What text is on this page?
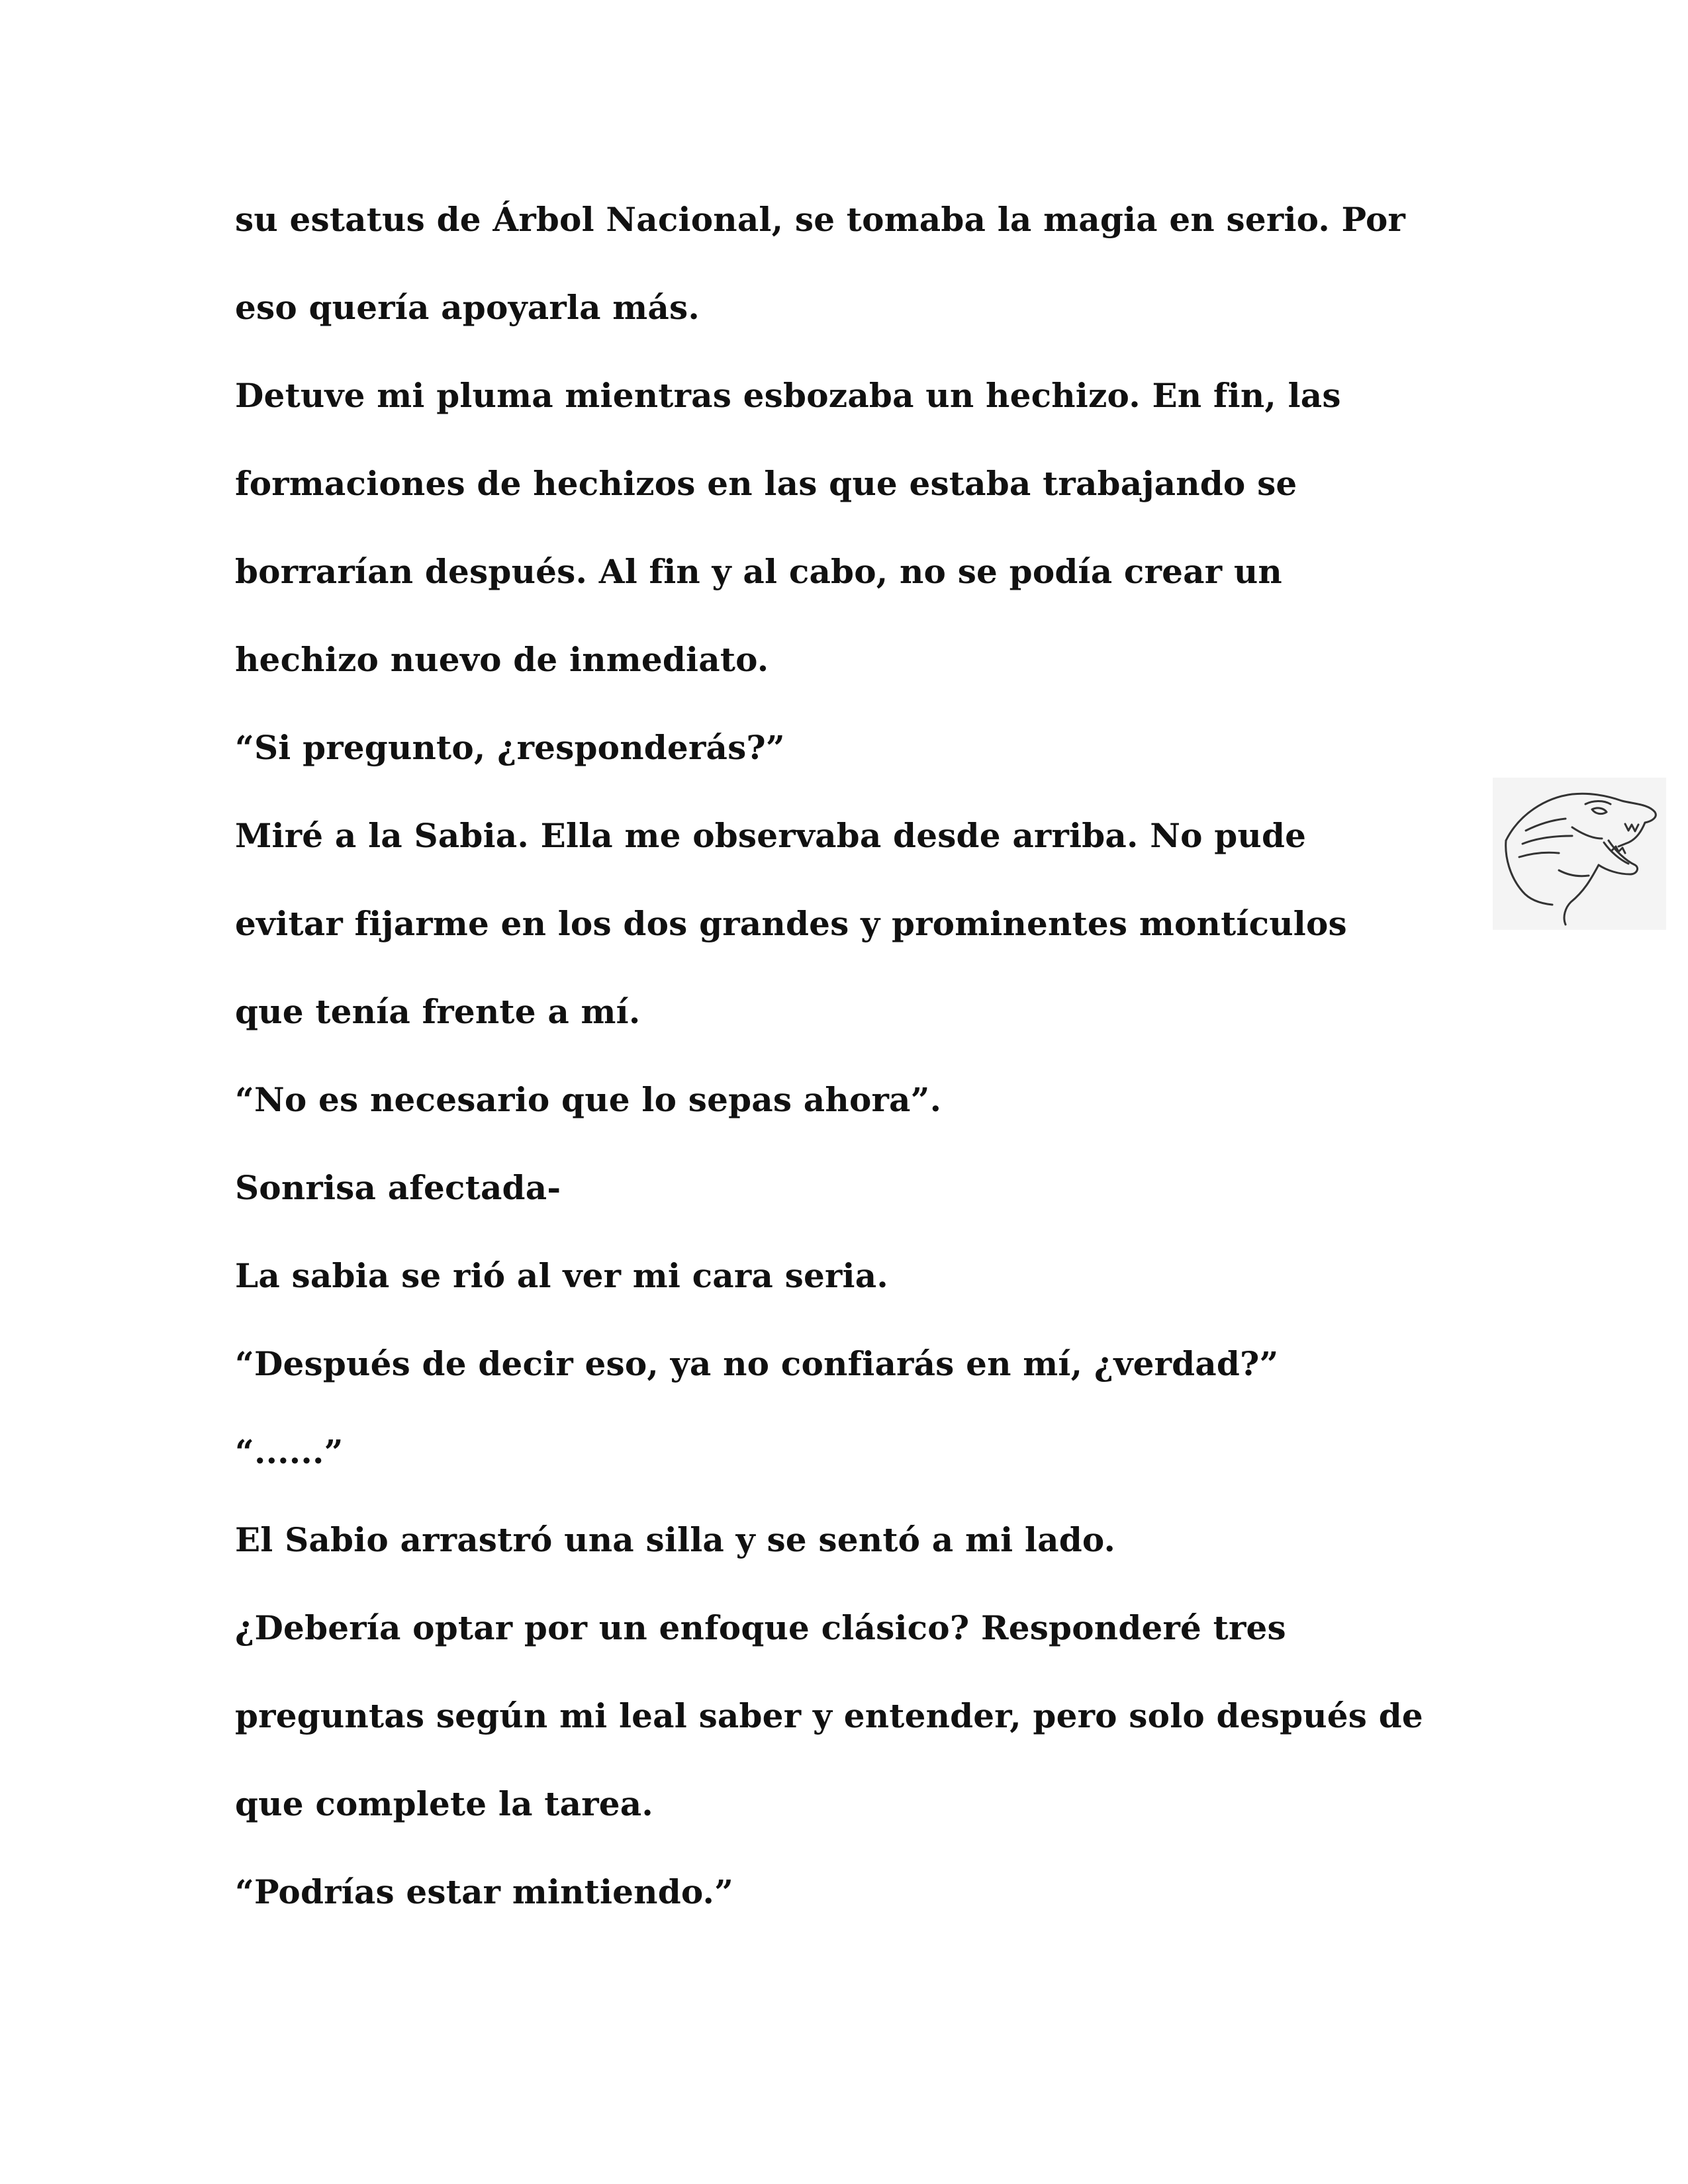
su estatus de Árbol Nacional, se tomaba la magia en serio. Por
eso quería apoyarla más.
Detuve mi pluma mientras esbozaba un hechizo. En fin, las
formaciones de hechizos en las que estaba trabajando se
borrarían después. Al fin y al cabo, no se podía crear un
hechizo nuevo de inmediato.
“Si pregunto, ¿responderás?”
Miré a la Sabia. Ella me observaba desde arriba. No pude
evitar fijarme en los dos grandes y prominentes montículos
que tenía frente a mí.
“No es necesario que lo sepas ahora”.
Sonrisa afectada-
La sabia se rió al ver mi cara seria.
“Después de decir eso, ya no confiarás en mí, ¿verdad?”
“......”
El Sabio arrastró una silla y se sentó a mi lado.
¿Debería optar por un enfoque clásico? Responderé tres
preguntas según mi leal saber y entender, pero solo después de
que complete la tarea.
“Podrías estar mintiendo.”
